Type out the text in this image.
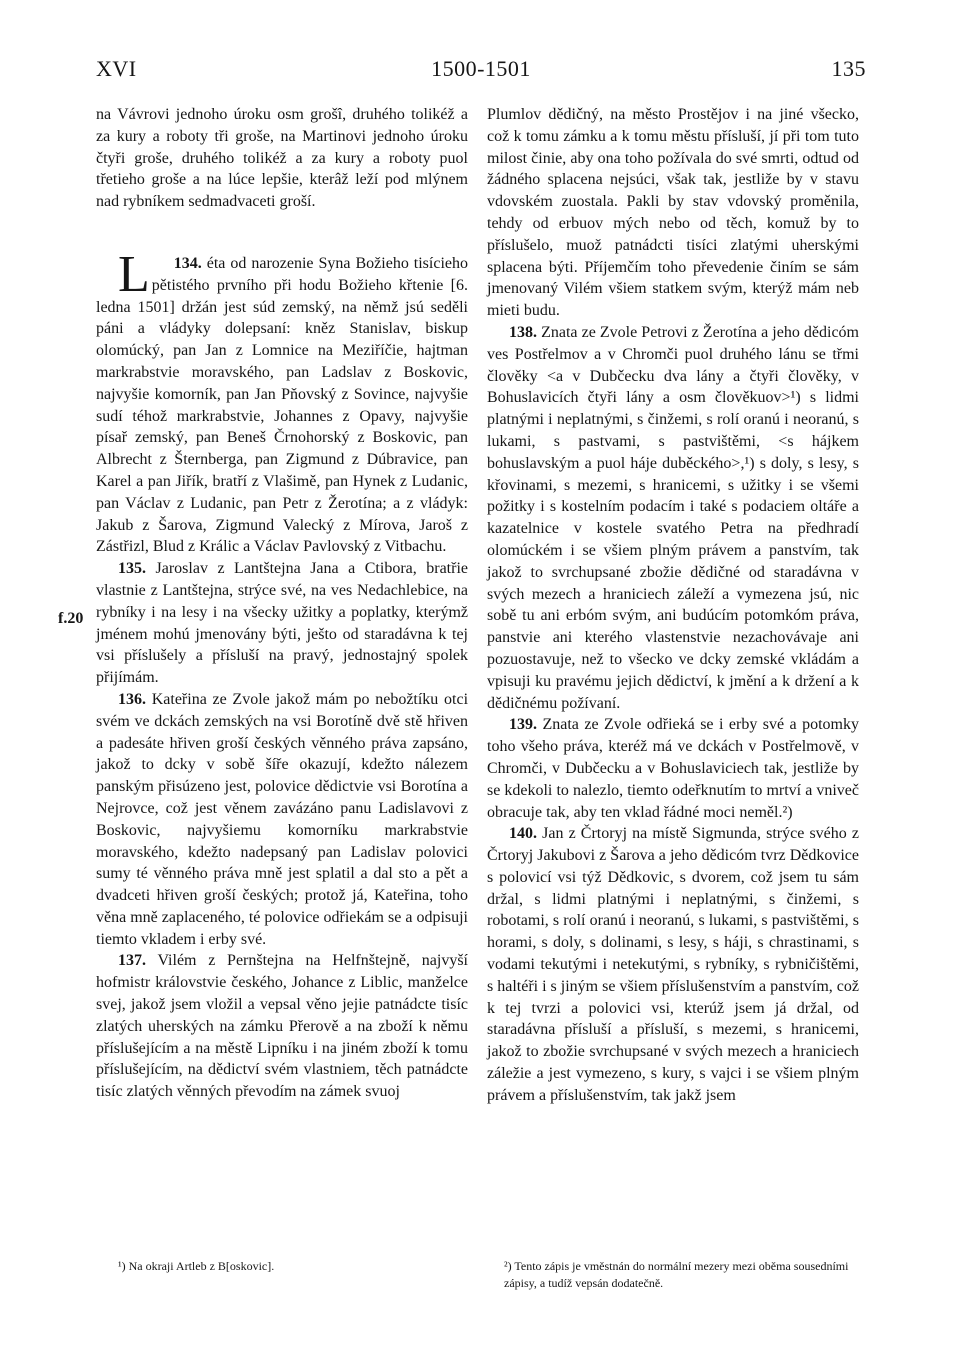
XVI	1500-1501	135
f.20

na Vávrovi jednoho úroku osm grošî, druhého tolikéž a za kury a roboty tři groše, na Martinovi jednoho úroku čtyři groše, druhého tolikéž a za kury a roboty puol třetieho groše a na lúce lepšie, kterâž leží pod mlýnem nad rybníkem sedmadvaceti groší.

134.
L	éta od narozenie Syna Božieho tisícieho pětistého prvního při hodu Božieho křtenie [6. ledna 1501] držán jest súd zemský, na němž jsú seděli páni a vládyky dolepsaní: kněz Stanislav, biskup olomúcký, pan Jan z Lomnice na Meziříčie, hajtman markrabstvie moravského, pan Ladslav z Boskovic, najvyšie komorník, pan Jan Pňovský z Sovince, najvyšie sudí téhož markrabstvie, Johannes z Opavy, najvyšie písař zemský, pan Beneš Črnohorský z Boskovic, pan Albrecht z Šternberga, pan Zigmund z Dúbravice, pan Karel a pan Jiřík, bratří z Vlašimě, pan Hynek z Ludanic, pan Václav z Ludanic, pan Petr z Žerotína; a z vládyk: Jakub z Šarova, Zigmund Valecký z Mírova, Jaroš z Zástřizl, Blud z Králic a Václav Pavlovský z Vitbachu.

135. Jaroslav z Lantštejna Jana a Ctibora, bratřie vlastnie z Lantštejna, strýce své, na ves Nedachlebice, na rybníky i na lesy i na všecky užitky a poplatky, kterýmž jménem mohú jmenovány býti, ješto od staradávna k tej vsi příslušely a přísluší na pravý, jednostajný spolek přijímám.

136. Kateřina ze Zvole jakož mám po nebožtíku otci svém ve dckách zemských na vsi Borotíně dvě stě hřiven a padesáte hřiven groší českých věnného práva zapsáno, jakož to dcky v sobě šíře okazují, kdežto nálezem panským přisúzeno jest, polovice dědictvie vsi Borotína a Nejrovce, což jest věnem zavázáno panu Ladislavovi z Boskovic, najvyšiemu komorníku markrabstvie moravského, kdežto nadepsaný pan Ladislav polovici sumy té věnného práva mně jest splatil a dal sto a pět a dvadceti hřiven groší českých; protož já, Kateřina, toho věna mně zaplaceného, té polovice odřiekám se a odpisuji tiemto vkladem i erby své.

137. Vilém z Pernštejna na Helfnštejně, najvyší hofmistr královstvie českého, Johance z Liblic, manželce svej, jakož jsem vložil a vepsal věno jejie patnádcte tisíc zlatých uherských na zámku Přerově a na zboží k němu příslušejícím a na městě Lipníku i na jiném zboží k tomu příslušejícím, na dědictví svém vlastniem, těch patnádcte tisíc zlatých věnných převodím na zámek svuoj

Plumlov dědičný, na město Prostějov i na jiné všecko, což k tomu zámku a k tomu městu přísluší, jí při tom tuto milost činie, aby ona toho požívala do své smrti, odtud od žádného splacena nejsúci, však tak, jestliže by v stavu vdovském zuostala. Pakli by stav vdovský proměnila, tehdy od erbuov mých nebo od těch, komuž by to příslušelo, muož patnádcti tisíci zlatými uherskými splacena býti. Příjemčím toho převedenie činím se sám jmenovaný Vilém všiem statkem svým, kterýž mám neb mieti budu.

138. Znata ze Zvole Petrovi z Žerotína a jeho dědicóm ves Postřelmov a v Chromči puol druhého lánu se třmi člověky <a v Dubčecku dva lány a čtyři člověky, v Bohuslavicích čtyři lány a osm člověkuov>¹) s lidmi platnými i neplatnými, s činžemi, s rolí oranú i neoranú, s lukami, s pastvami, s pastvištěmi, <s hájkem bohuslavským a puol háje duběckého>,¹) s doly, s lesy, s křovinami, s mezemi, s hranicemi, s užitky i se všemi požitky i s kostelním podacím i také s podaciem oltáře a kazatelnice v kostele svatého Petra na předhradí olomúckém i se všiem plným právem a panstvím, tak jakož to svrchupsané zbožie dědičné od staradávna v svých mezech a hraniciech záleží a vymezena jsú, nic sobě tu ani erbóm svým, ani budúcím potomkóm práva, panstvie ani kterého vlastenstvie nezachovávaje ani pozuostavuje, než to všecko ve dcky zemské vkládám a vpisuji ku pravému jejich dědictví, k jmění a k držení a k dědičnému požívaní.

139. Znata ze Zvole odřieká se i erby své a potomky toho všeho práva, kteréž má ve dckách v Postřelmově, v Chromči, v Dubčecku a v Bohuslaviciech tak, jestliže by se kdekoli to nalezlo, tiemto odeřknutím to mrtví a vniveč obracuje tak, aby ten vklad řádné moci neměl.²)

140. Jan z Črtoryj na místě Sigmunda, strýce svého z Črtoryj Jakubovi z Šarova a jeho dědicóm tvrz Dědkovice s polovicí vsi týž Dědkovic, s dvorem, což jsem tu sám držal, s lidmi platnými i neplatnými, s činžemi, s robotami, s rolí oranú i neoranú, s lukami, s pastvištěmi, s horami, s doly, s dolinami, s lesy, s háji, s chrastinami, s vodami tekutými i netekutými, s rybníky, s rybničištěmi, s haltéři i s jiným se všiem příslušenstvím a panstvím, což k tej tvrzi a polovici vsi, kterúž jsem já držal, od staradávna přísluší a přísluší, s mezemi, s hranicemi, jakož to zbožie svrchupsané v svých mezech a hraniciech záležie a jest vymezeno, s kury, s vajci i se všiem plným právem a příslušenstvím, tak jakž jsem

¹) Na okraji Artleb z B[oskovic].	²) Tento zápis je vměstnán do normální mezery mezi oběma sousedními zápisy, a tudíž vepsán dodatečně.
